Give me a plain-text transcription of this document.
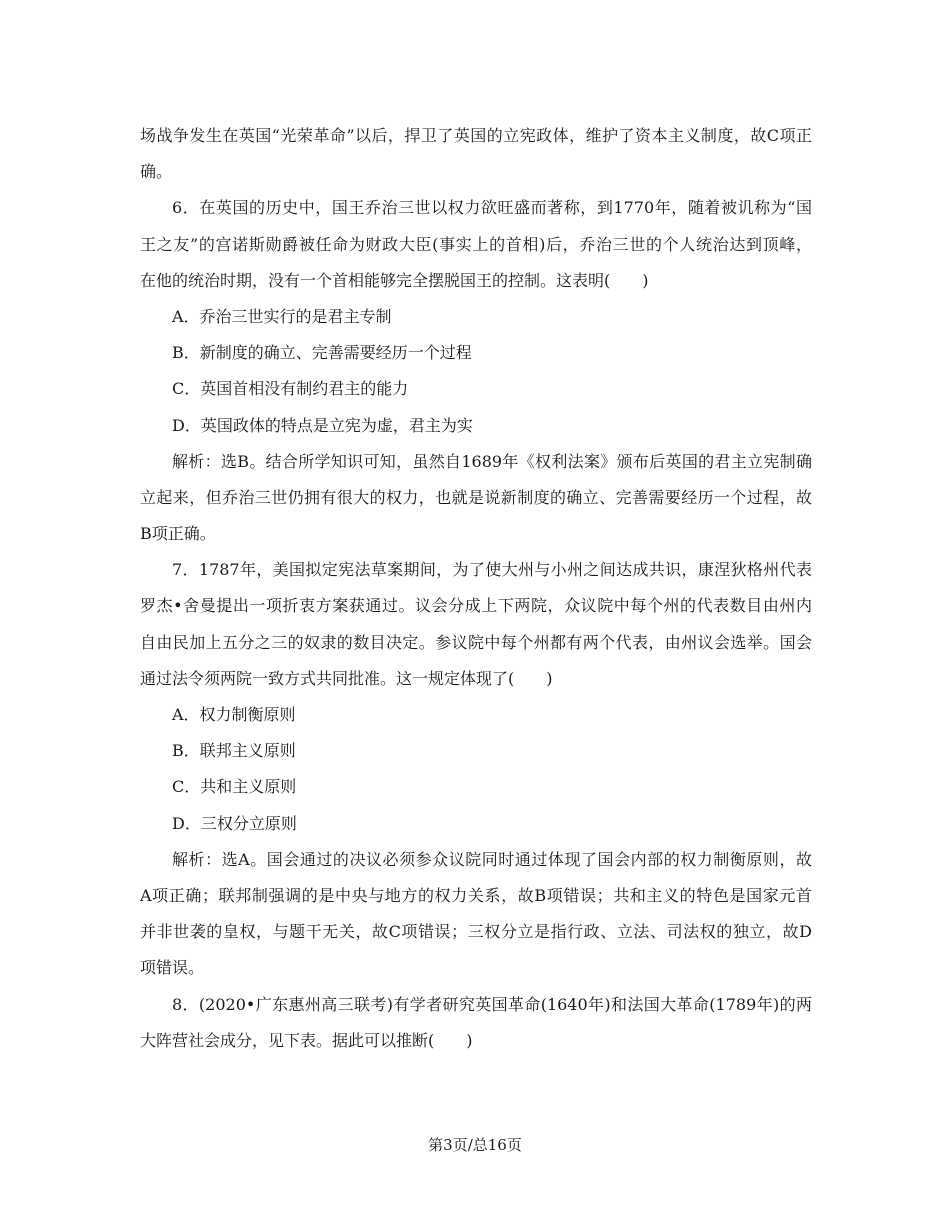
场战争发生在英国“光荣革命”以后，捍卫了英国的立宪政体，维护了资本主义制度，故C项正
确。
6．在英国的历史中，国王乔治三世以权力欲旺盛而著称，到1770年，随着被讥称为“国
王之友”的宫诺斯勋爵被任命为财政大臣(事实上的首相)后，乔治三世的个人统治达到顶峰，
在他的统治时期，没有一个首相能够完全摆脱国王的控制。这表明(　　)
A．乔治三世实行的是君主专制
B．新制度的确立、完善需要经历一个过程
C．英国首相没有制约君主的能力
D．英国政体的特点是立宪为虚，君主为实
解析：选B。结合所学知识可知，虽然自1689年《权利法案》颁布后英国的君主立宪制确
立起来，但乔治三世仍拥有很大的权力，也就是说新制度的确立、完善需要经历一个过程，故
B项正确。
7．1787年，美国拟定宪法草案期间，为了使大州与小州之间达成共识，康涅狄格州代表
罗杰•舍曼提出一项折衷方案获通过。议会分成上下两院，众议院中每个州的代表数目由州内
自由民加上五分之三的奴隶的数目决定。参议院中每个州都有两个代表，由州议会选举。国会
通过法令须两院一致方式共同批准。这一规定体现了(　　)
A．权力制衡原则
B．联邦主义原则
C．共和主义原则
D．三权分立原则
解析：选A。国会通过的决议必须参众议院同时通过体现了国会内部的权力制衡原则，故
A项正确；联邦制强调的是中央与地方的权力关系，故B项错误；共和主义的特色是国家元首
并非世袭的皇权，与题干无关，故C项错误；三权分立是指行政、立法、司法权的独立，故D
项错误。
8．(2020•广东惠州高三联考)有学者研究英国革命(1640年)和法国大革命(1789年)的两
大阵营社会成分，见下表。据此可以推断(　　)
第3页/总16页
